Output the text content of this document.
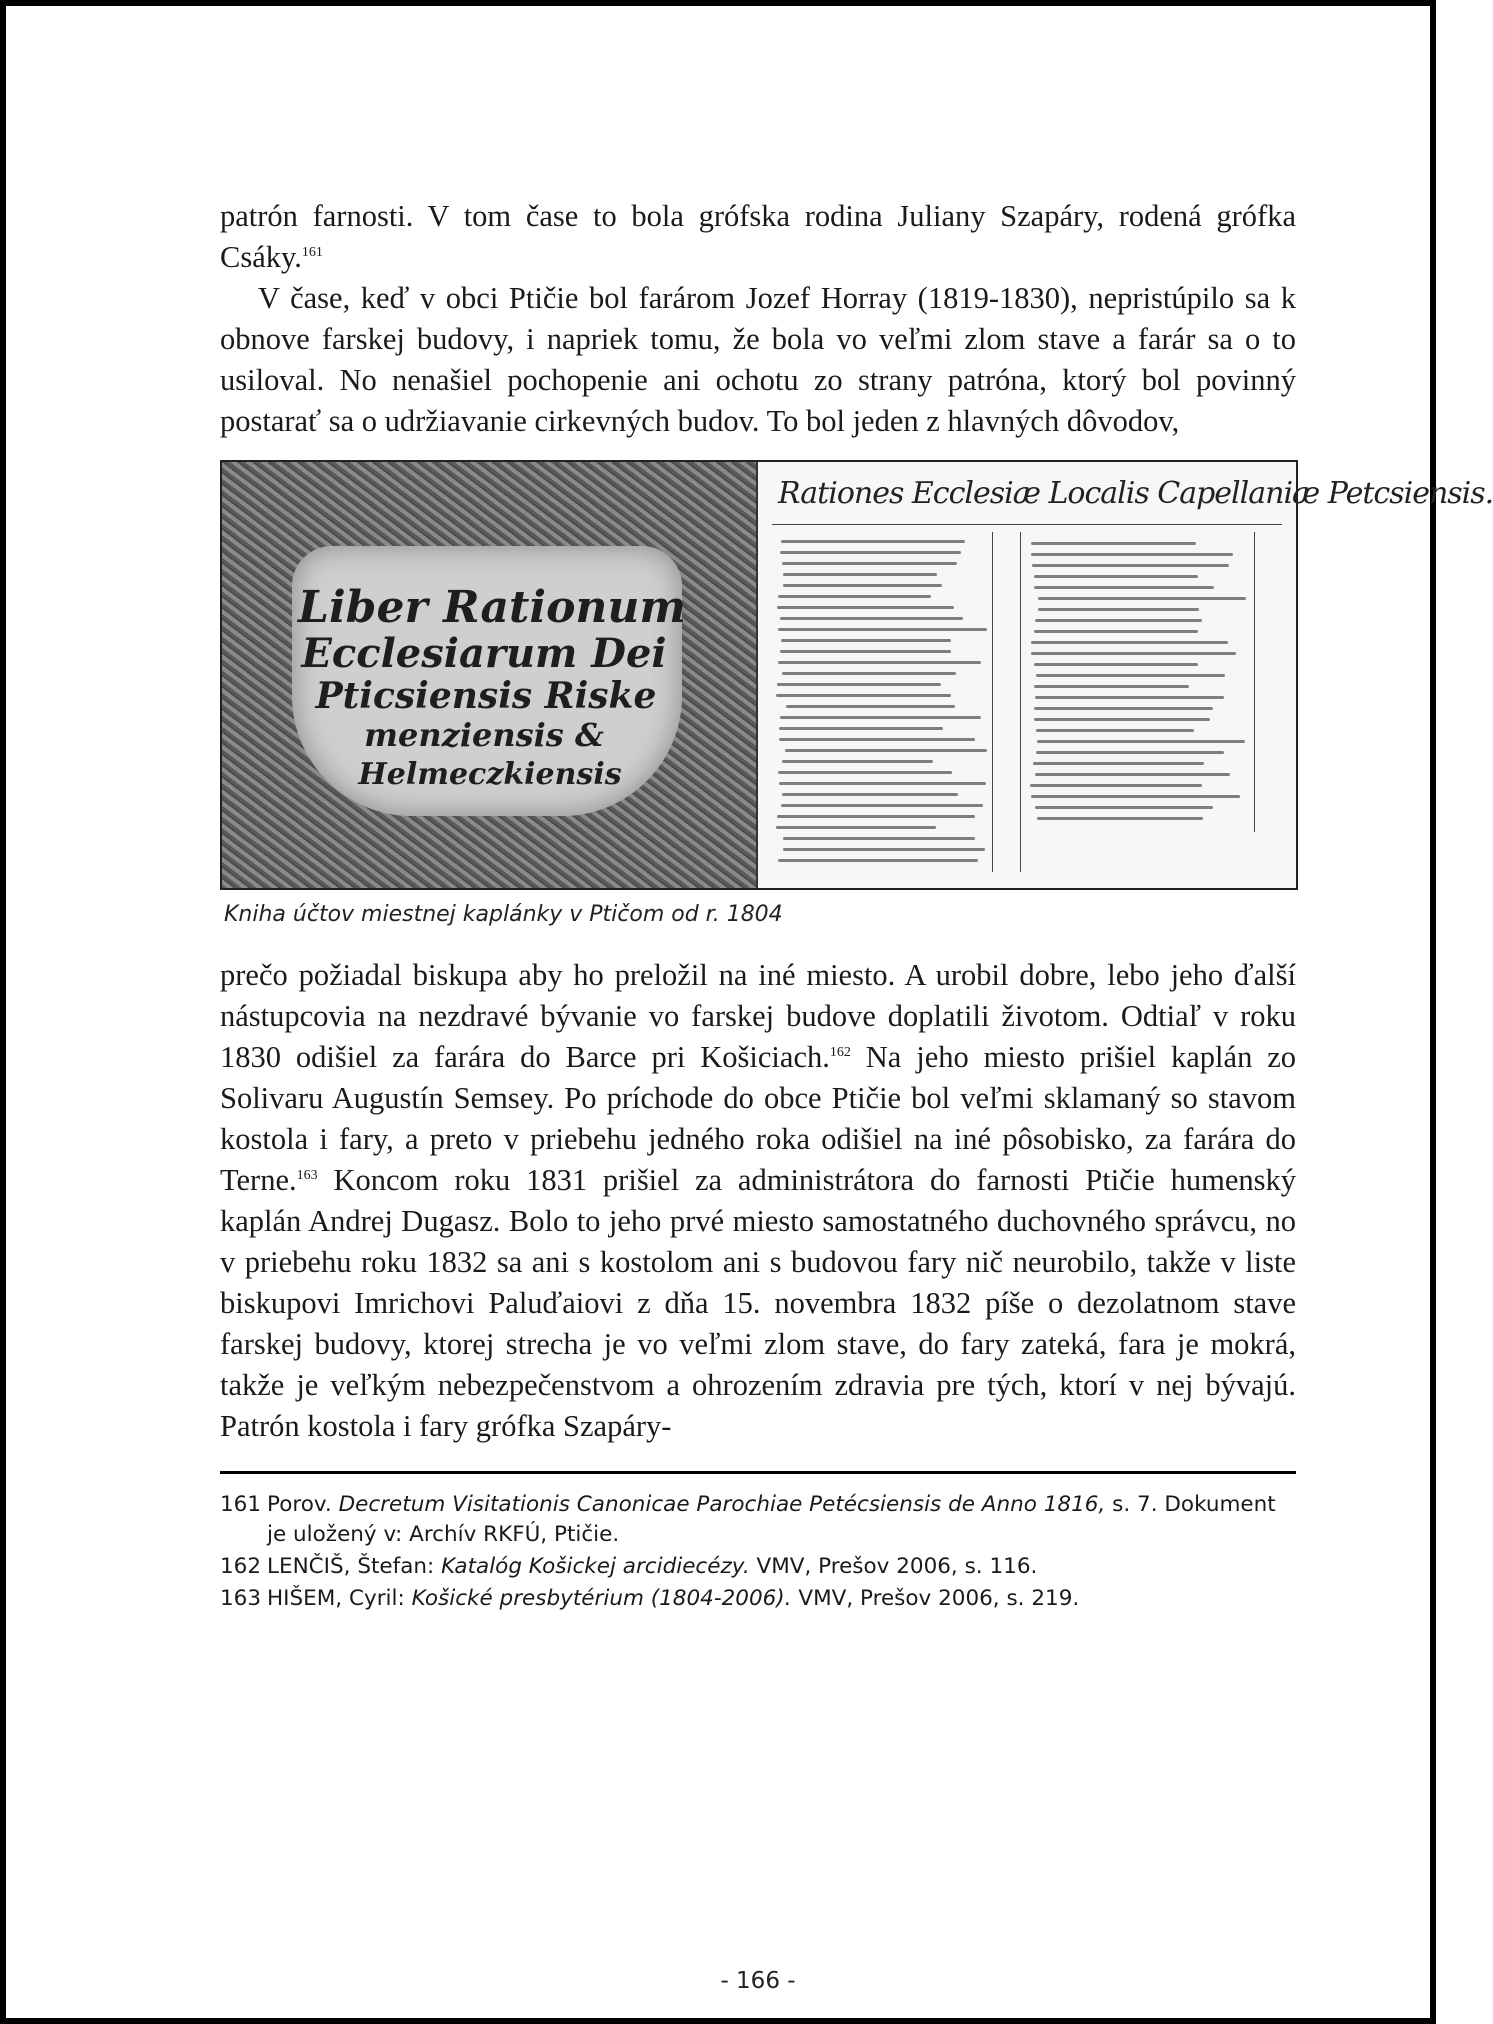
patrón farnosti. V tom čase to bola grófska rodina Juliany Szapáry, rodená grófka Csáky.$^{161}$

V čase, keď v obci Ptičie bol farárom Jozef Horray (1819-1830), nepristúpilo sa k obnove farskej budovy, i napriek tomu, že bola vo veľmi zlom stave a farár sa o to usiloval. No nenašiel pochopenie ani ochotu zo strany patróna, ktorý bol povinný postarať sa o udržiavanie cirkevných budov. To bol jeden z hlavných dôvodov,

Liber Rationum
Ecclesiarum Dei
Pticsiensis Riske
menziensis &
Helmeczkiensis
Rationes Ecclesiæ Localis Capellaniæ Petcsiensis.
Kniha účtov miestnej kaplánky v Ptičom od r. 1804

prečo požiadal biskupa aby ho preložil na iné miesto. A urobil dobre, lebo jeho ďalší nástupcovia na nezdravé bývanie vo farskej budove doplatili životom. Odtiaľ v roku 1830 odišiel za farára do Barce pri Košiciach.$^{162}$ Na jeho miesto prišiel kaplán zo Solivaru Augustín Semsey. Po príchode do obce Ptičie bol veľmi sklamaný so stavom kostola i fary, a preto v priebehu jedného roka odišiel na iné pôsobisko, za farára do Terne.$^{163}$ Koncom roku 1831 prišiel za administrátora do farnosti Ptičie humenský kaplán Andrej Dugasz. Bolo to jeho prvé miesto samostatného duchovného správcu, no v priebehu roku 1832 sa ani s kostolom ani s budovou fary nič neurobilo, takže v liste biskupovi Imrichovi Paluďaiovi z dňa 15. novembra 1832 píše o dezolatnom stave farskej budovy, ktorej strecha je vo veľmi zlom stave, do fary zateká, fara je mokrá, takže je veľkým nebezpečenstvom a ohrozením zdravia pre tých, ktorí v nej bývajú. Patrón kostola i fary grófka Szapáry-

161 Porov. Decretum Visitationis Canonicae Parochiae Petécsiensis de Anno 1816, s. 7. Dokument je uložený v: Archív RKFÚ, Ptičie.

162 LENČIŠ, Štefan: Katalóg Košickej arcidiecézy. VMV, Prešov 2006, s. 116.

163 HIŠEM, Cyril: Košické presbytérium (1804-2006). VMV, Prešov 2006, s. 219.

- 166 -
